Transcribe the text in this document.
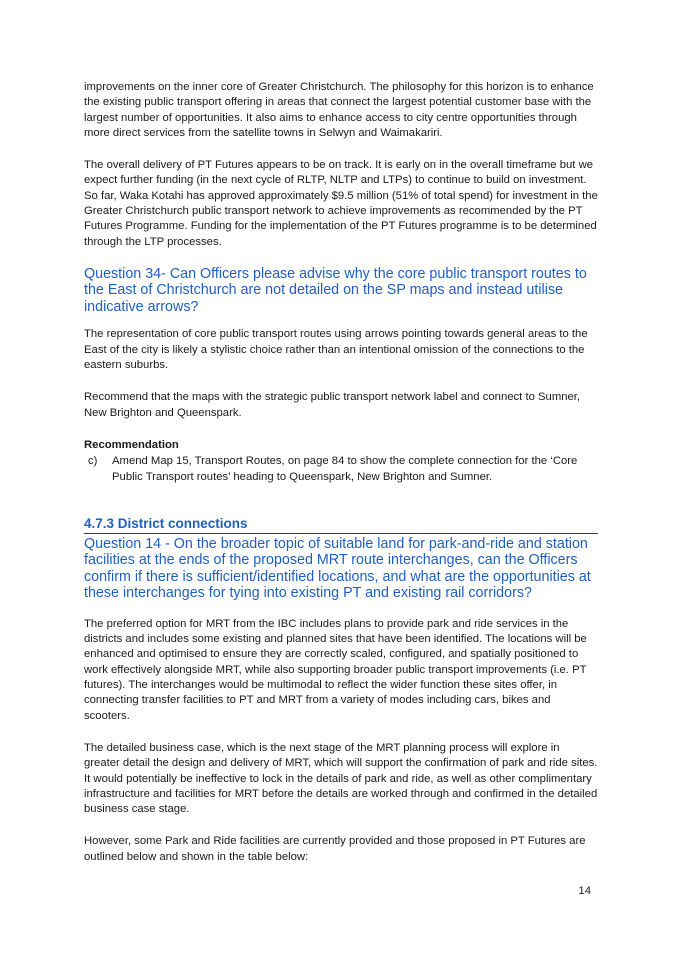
improvements on the inner core of Greater Christchurch. The philosophy for this horizon is to enhance the existing public transport offering in areas that connect the largest potential customer base with the largest number of opportunities. It also aims to enhance access to city centre opportunities through more direct services from the satellite towns in Selwyn and Waimakariri.

The overall delivery of PT Futures appears to be on track. It is early on in the overall timeframe but we expect further funding (in the next cycle of RLTP, NLTP and LTPs) to continue to build on investment. So far, Waka Kotahi has approved approximately $9.5 million (51% of total spend) for investment in the Greater Christchurch public transport network to achieve improvements as recommended by the PT Futures Programme. Funding for the implementation of the PT Futures programme is to be determined through the LTP processes.

Question 34- Can Officers please advise why the core public transport routes to the East of Christchurch are not detailed on the SP maps and instead utilise indicative arrows?

The representation of core public transport routes using arrows pointing towards general areas to the East of the city is likely a stylistic choice rather than an intentional omission of the connections to the eastern suburbs.

Recommend that the maps with the strategic public transport network label and connect to Sumner, New Brighton and Queenspark.

Recommendation
c)	Amend Map 15, Transport Routes, on page 84 to show the complete connection for the ‘Core Public Transport routes’ heading to Queenspark, New Brighton and Sumner.
4.7.3 District connections
Question 14 - On the broader topic of suitable land for park-and-ride and station facilities at the ends of the proposed MRT route interchanges, can the Officers confirm if there is sufficient/identified locations, and what are the opportunities at these interchanges for tying into existing PT and existing rail corridors?

The preferred option for MRT from the IBC includes plans to provide park and ride services in the districts and includes some existing and planned sites that have been identified. The locations will be enhanced and optimised to ensure they are correctly scaled, configured, and spatially positioned to work effectively alongside MRT, while also supporting broader public transport improvements (i.e. PT futures). The interchanges would be multimodal to reflect the wider function these sites offer, in connecting transfer facilities to PT and MRT from a variety of modes including cars, bikes and scooters.

The detailed business case, which is the next stage of the MRT planning process will explore in greater detail the design and delivery of MRT, which will support the confirmation of park and ride sites. It would potentially be ineffective to lock in the details of park and ride, as well as other complimentary infrastructure and facilities for MRT before the details are worked through and confirmed in the detailed business case stage.

However, some Park and Ride facilities are currently provided and those proposed in PT Futures are outlined below and shown in the table below:

14
